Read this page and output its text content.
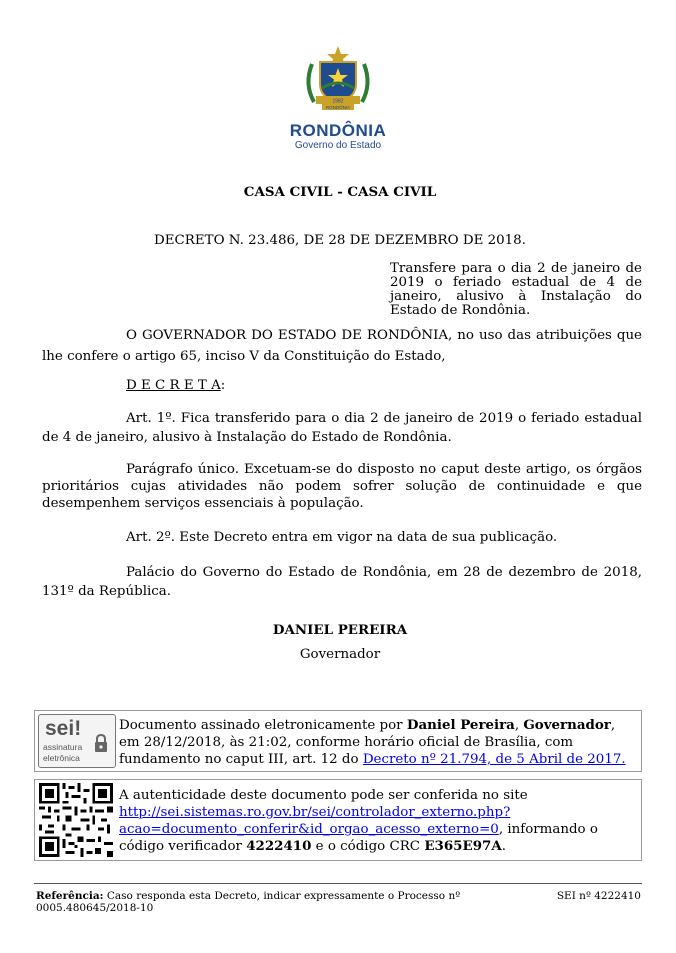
1982
RONDÔNIA
RONDÔNIA
Governo do Estado
CASA CIVIL - CASA CIVIL
DECRETO N. 23.486, DE 28 DE DEZEMBRO DE 2018.
Transfere para o dia 2 de janeiro de 2019 o feriado estadual de 4 de janeiro, alusivo à Instalação do Estado de Rondônia.
O GOVERNADOR DO ESTADO DE RONDÔNIA, no uso das atribuições que lhe confere o artigo 65, inciso V da Constituição do Estado,
D E C R E T A:
Art. 1º. Fica transferido para o dia 2 de janeiro de 2019 o feriado estadual de 4 de janeiro, alusivo à Instalação do Estado de Rondônia.
Parágrafo único. Excetuam-se do disposto no caput deste artigo, os órgãos prioritários cujas atividades não podem sofrer solução de continuidade e que desempenhem serviços essenciais à população.
Art. 2º. Este Decreto entra em vigor na data de sua publicação.
Palácio do Governo do Estado de Rondônia, em 28 de dezembro de 2018, 131º da República.
DANIEL PEREIRA
Governador
sei!
assinatura
eletrônica
Documento assinado eletronicamente por Daniel Pereira, Governador, em 28/12/2018, às 21:02, conforme horário oficial de Brasília, com fundamento no caput III, art. 12 do Decreto nº 21.794, de 5 Abril de 2017.
A autenticidade deste documento pode ser conferida no site
http://sei.sistemas.ro.gov.br/sei/controlador_externo.php?
acao=documento_conferir&id_orgao_acesso_externo=0, informando o código verificador 4222410 e o código CRC E365E97A.
Referência: Caso responda esta Decreto, indicar expressamente o Processo nº 0005.480645/2018-10
SEI nº 4222410
